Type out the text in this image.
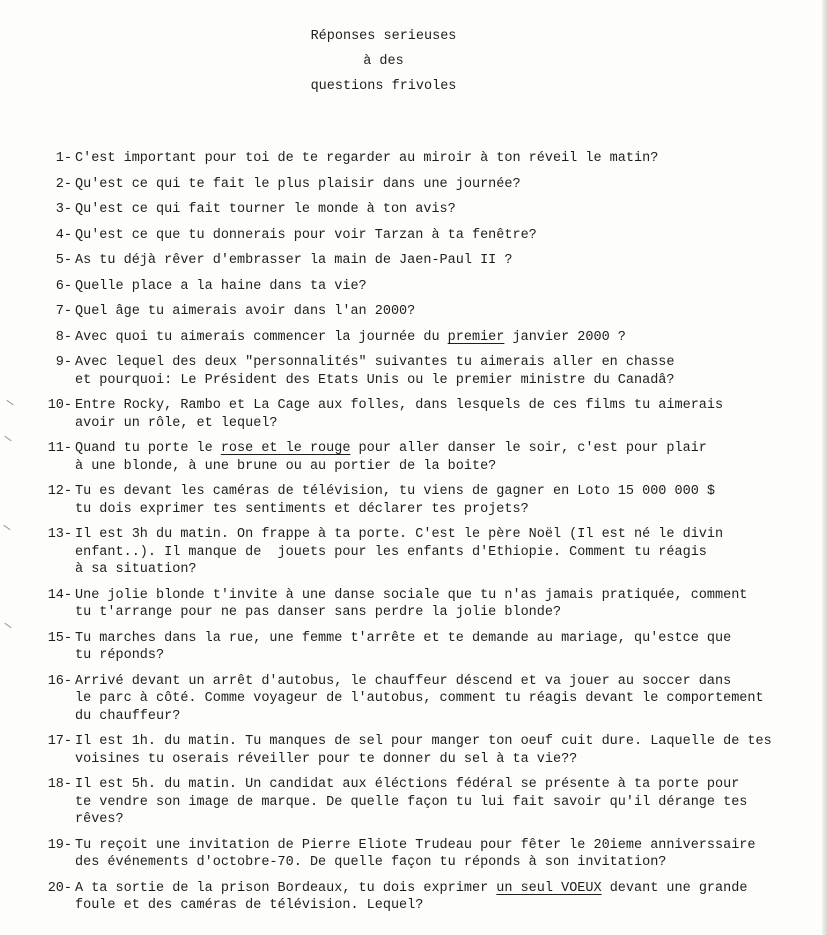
Réponses serieuses
à des
questions frivoles
1- C'est important pour toi de te regarder au miroir à ton réveil le matin?
2- Qu'est ce qui te fait le plus plaisir dans une journée?
3- Qu'est ce qui fait tourner le monde à ton avis?
4- Qu'est ce que tu donnerais pour voir Tarzan à ta fenêtre?
5- As tu déjà rêver d'embrasser la main de Jaen-Paul II ?
6- Quelle place a la haine dans ta vie?
7- Quel âge tu aimerais avoir dans l'an 2000?
8- Avec quoi tu aimerais commencer la journée du premier janvier 2000 ?
9- Avec lequel des deux "personnalités" suivantes tu aimerais aller en chasse
et pourquoi: Le Président des Etats Unis ou le premier ministre du Canadâ?
10- Entre Rocky, Rambo et La Cage aux folles, dans lesquels de ces films tu aimerais
avoir un rôle, et lequel?
11- Quand tu porte le rose et le rouge pour aller danser le soir, c'est pour plair
à une blonde, à une brune ou au portier de la boite?
12- Tu es devant les caméras de télévision, tu viens de gagner en Loto 15 000 000 $
tu dois exprimer tes sentiments et déclarer tes projets?
13- Il est 3h du matin. On frappe à ta porte. C'est le père Noël (Il est né le divin
enfant..). Il manque de  jouets pour les enfants d'Ethiopie. Comment tu réagis
à sa situation?
14- Une jolie blonde t'invite à une danse sociale que tu n'as jamais pratiquée, comment
tu t'arrange pour ne pas danser sans perdre la jolie blonde?
15- Tu marches dans la rue, une femme t'arrête et te demande au mariage, qu'estce que
tu réponds?
16- Arrivé devant un arrêt d'autobus, le chauffeur déscend et va jouer au soccer dans
le parc à côté. Comme voyageur de l'autobus, comment tu réagis devant le comportement
du chauffeur?
17- Il est 1h. du matin. Tu manques de sel pour manger ton oeuf cuit dure. Laquelle de tes
voisines tu oserais réveiller pour te donner du sel à ta vie??
18- Il est 5h. du matin. Un candidat aux éléctions fédéral se présente à ta porte pour
te vendre son image de marque. De quelle façon tu lui fait savoir qu'il dérange tes
rêves?
19- Tu reçoit une invitation de Pierre Eliote Trudeau pour fêter le 20ieme anniverssaire
des événements d'octobre-70. De quelle façon tu réponds à son invitation?
20- A ta sortie de la prison Bordeaux, tu dois exprimer un seul VOEUX devant une grande
foule et des caméras de télévision. Lequel?
